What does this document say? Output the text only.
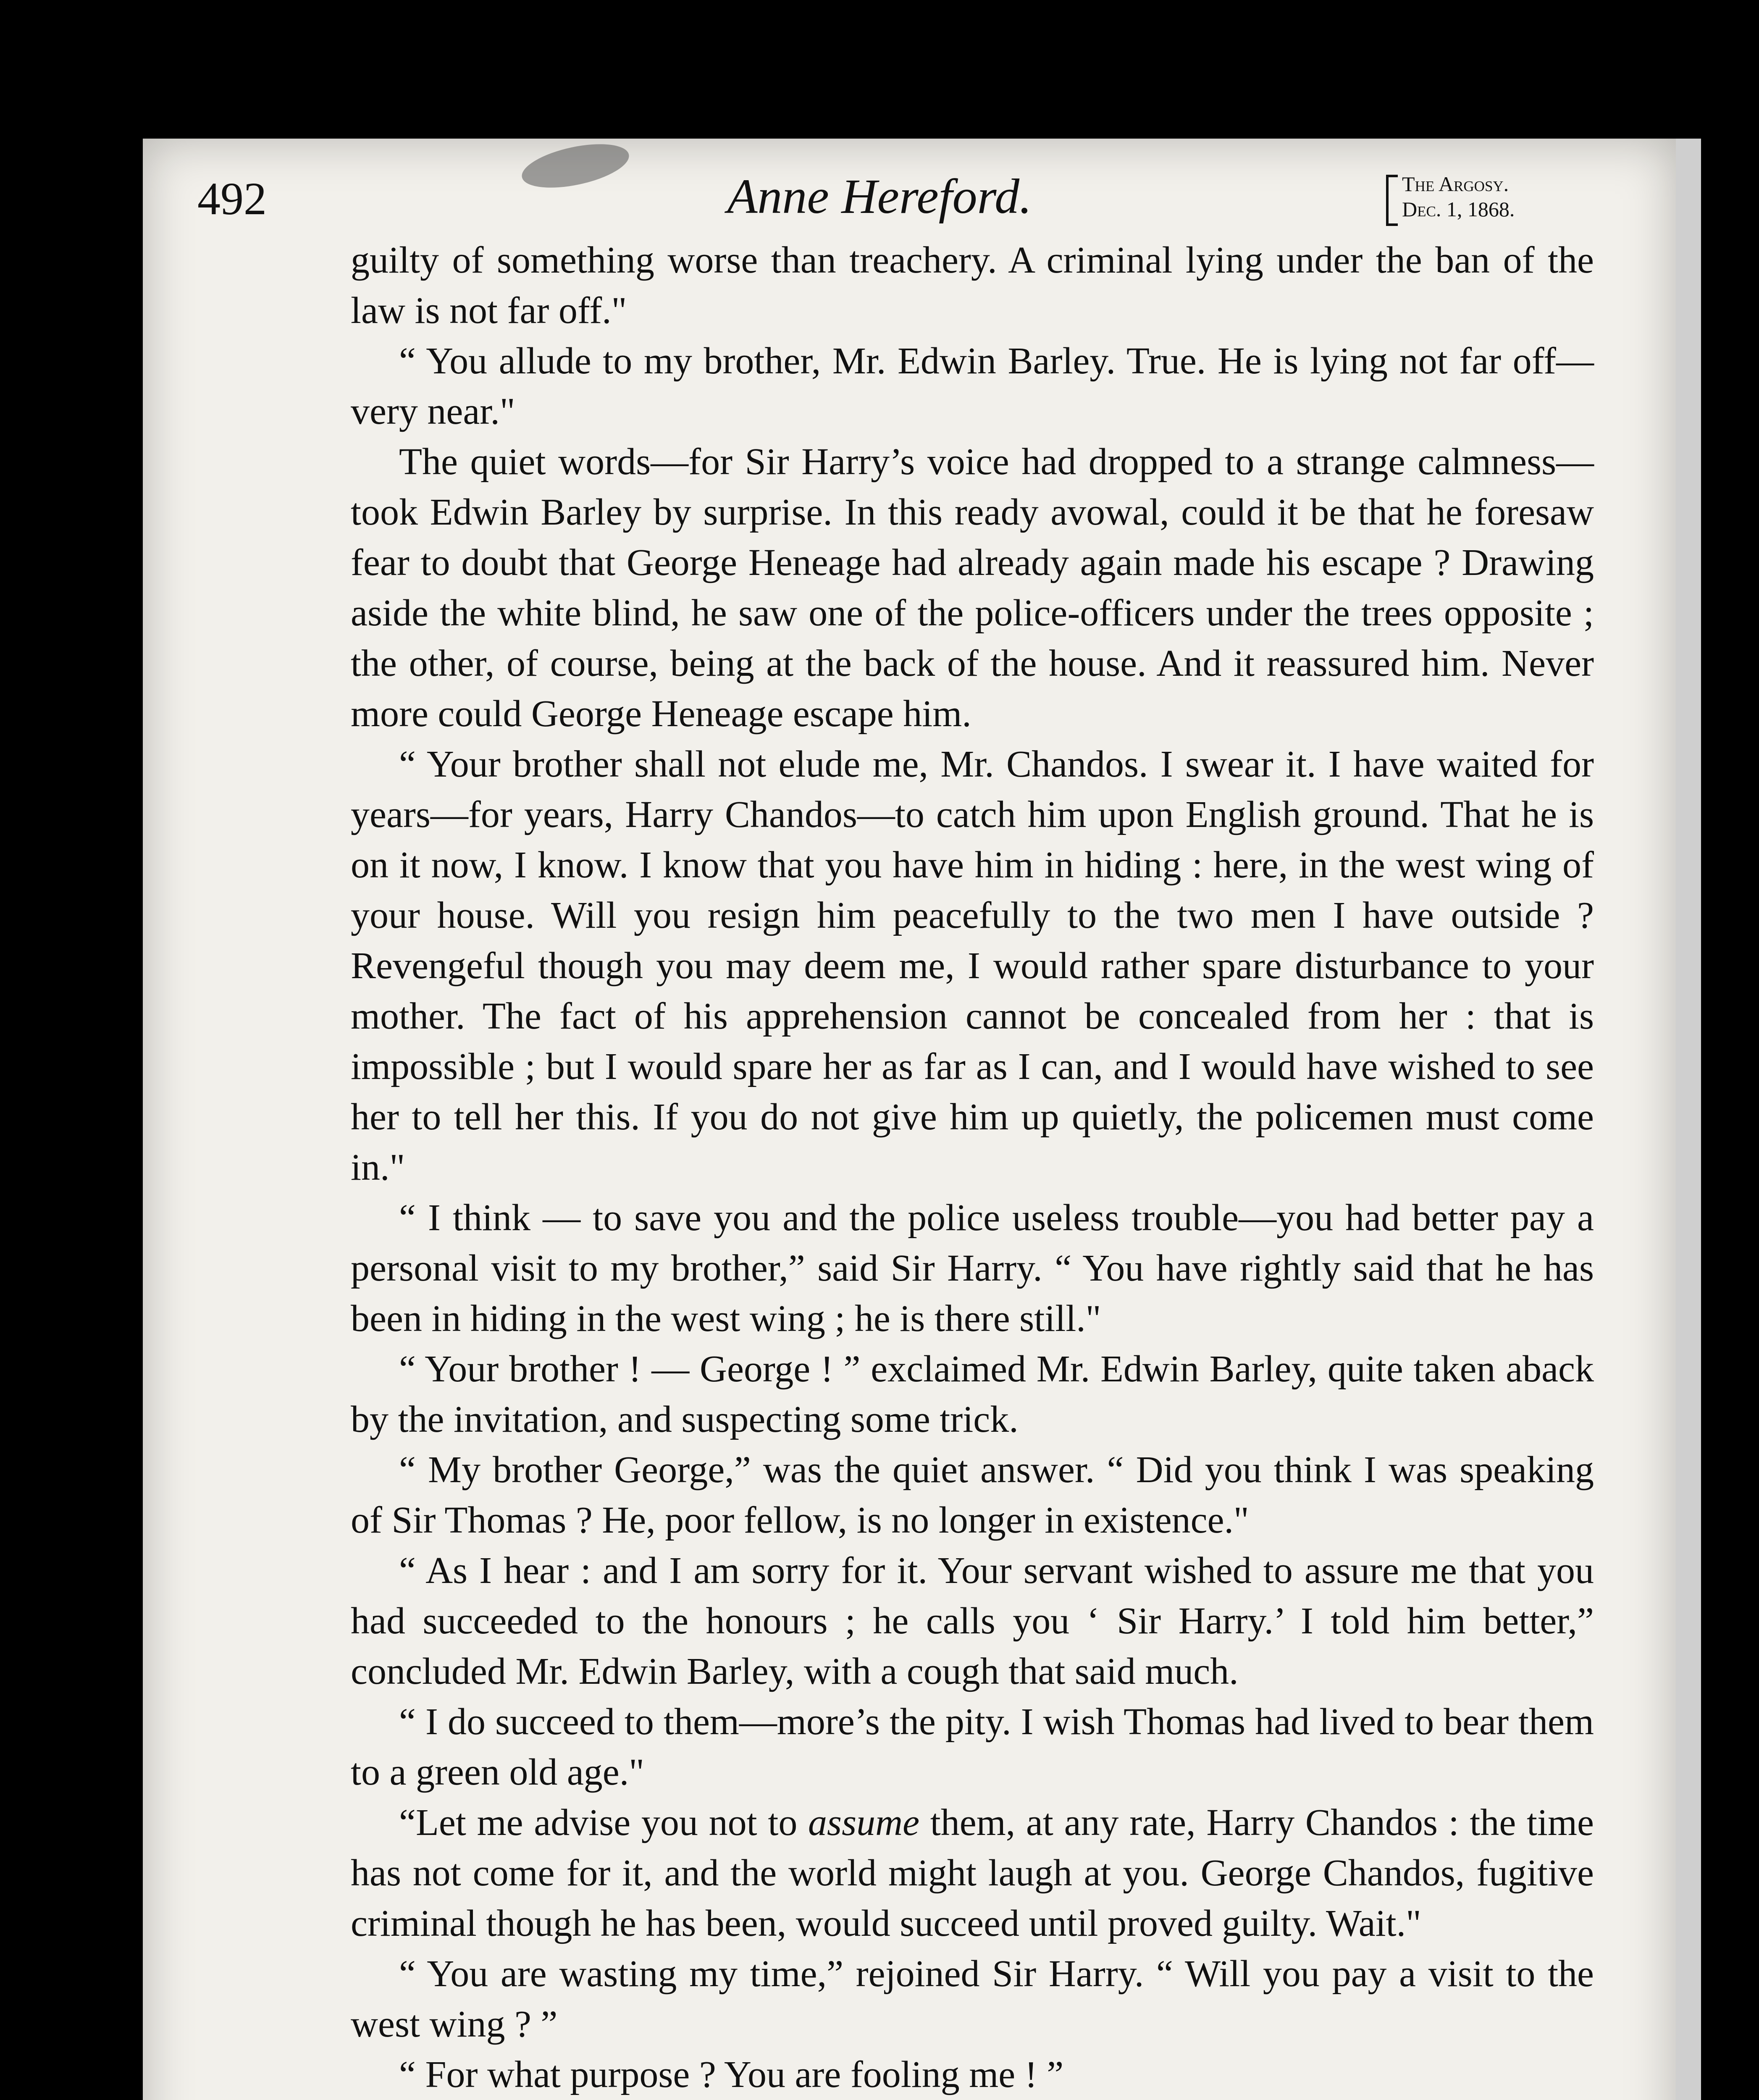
492	Anne Hereford.	The Argosy.
Dec. 1, 1868.

guilty of something worse than treachery. A criminal lying under the ban of the law is not far off."

“ You allude to my brother, Mr. Edwin Barley. True. He is lying not far off—very near."

The quiet words—for Sir Harry’s voice had dropped to a strange calmness—took Edwin Barley by surprise. In this ready avowal, could it be that he foresaw fear to doubt that George Heneage had already again made his escape ? Drawing aside the white blind, he saw one of the police-officers under the trees opposite ; the other, of course, being at the back of the house. And it reassured him. Never more could George Heneage escape him.

“ Your brother shall not elude me, Mr. Chandos. I swear it. I have waited for years—for years, Harry Chandos—to catch him upon English ground. That he is on it now, I know. I know that you have him in hiding : here, in the west wing of your house. Will you resign him peacefully to the two men I have outside ? Revengeful though you may deem me, I would rather spare disturbance to your mother. The fact of his apprehension cannot be concealed from her : that is impossible ; but I would spare her as far as I can, and I would have wished to see her to tell her this. If you do not give him up quietly, the policemen must come in."

“ I think — to save you and the police useless trouble—you had better pay a personal visit to my brother,” said Sir Harry. “ You have rightly said that he has been in hiding in the west wing ; he is there still."

“ Your brother ! — George ! ” exclaimed Mr. Edwin Barley, quite taken aback by the invitation, and suspecting some trick.

“ My brother George,” was the quiet answer. “ Did you think I was speaking of Sir Thomas ? He, poor fellow, is no longer in existence."

“ As I hear : and I am sorry for it. Your servant wished to assure me that you had succeeded to the honours ; he calls you ‘ Sir Harry.’ I told him better,” concluded Mr. Edwin Barley, with a cough that said much.

“ I do succeed to them—more’s the pity. I wish Thomas had lived to bear them to a green old age."

“Let me advise you not to assume them, at any rate, Harry Chandos : the time has not come for it, and the world might laugh at you. George Chandos, fugitive criminal though he has been, would succeed until proved guilty. Wait."

“ You are wasting my time,” rejoined Sir Harry. “ Will you pay a visit to the west wing ? ”

“ For what purpose ? You are fooling me ! ”
